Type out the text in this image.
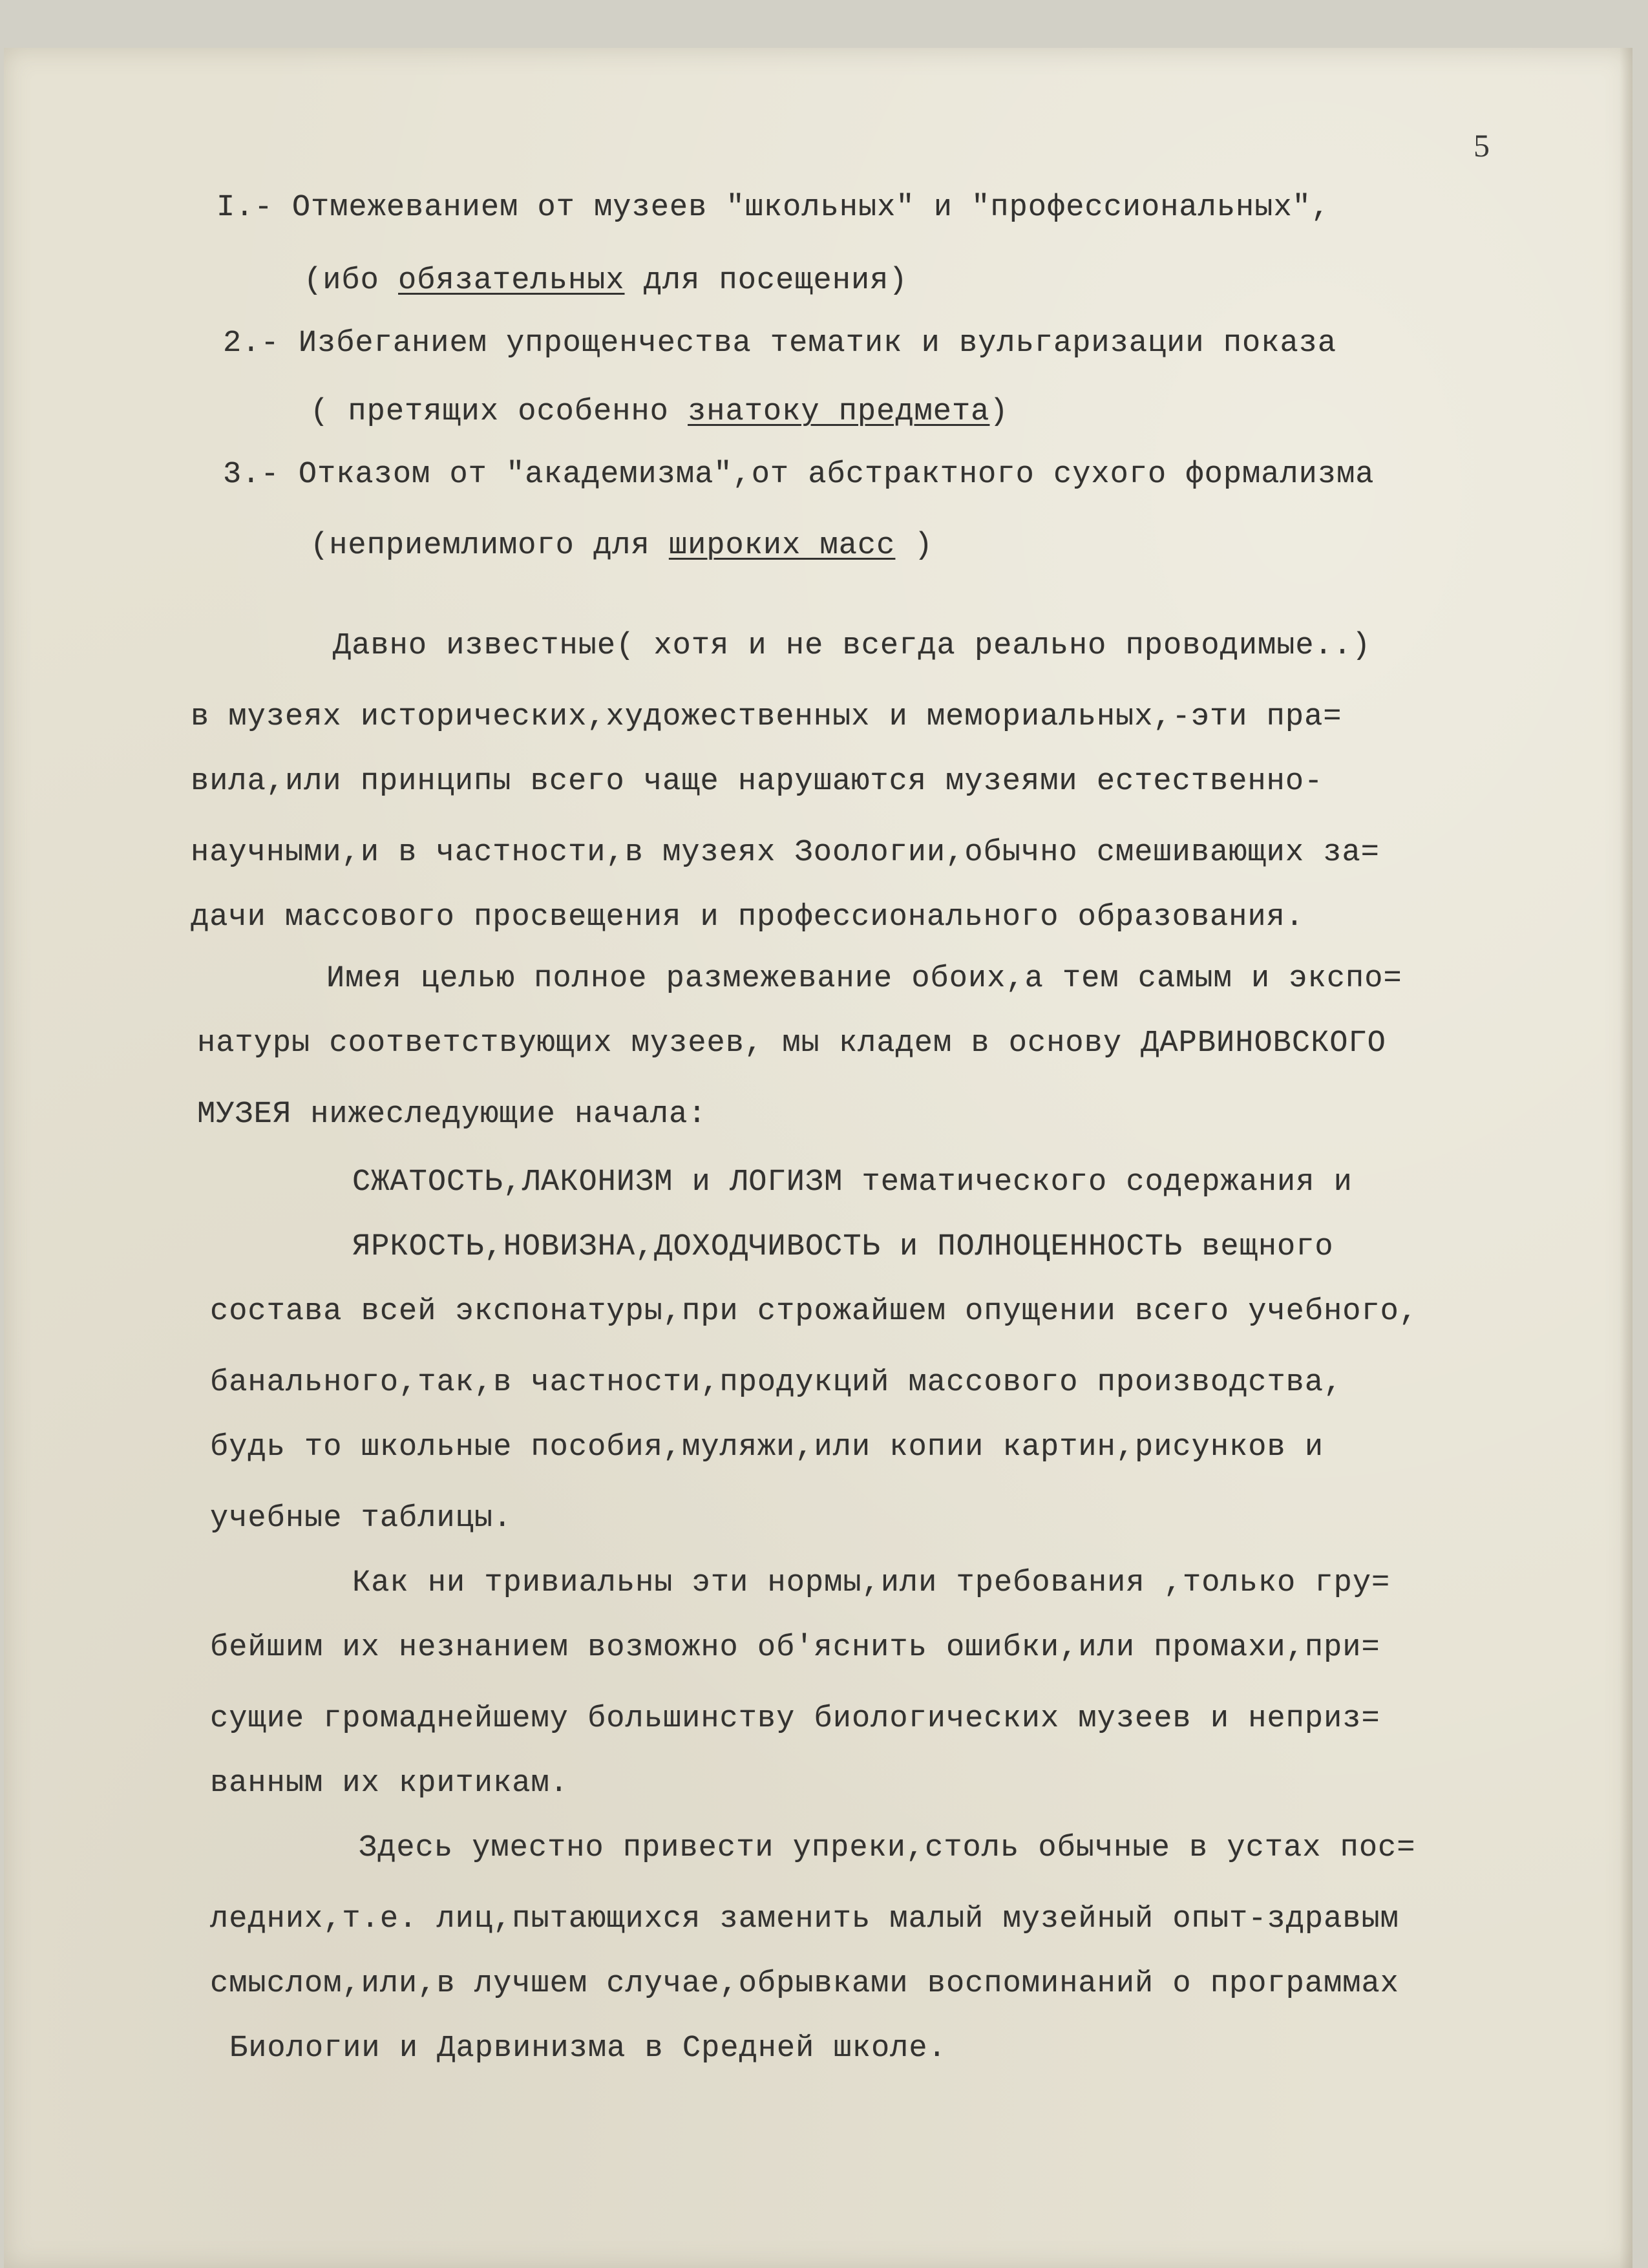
5
I.- Отмежеванием от музеев "школьных" и "профессиональных",
(ибо обязательных для посещения)
2.- Избеганием упрощенчества тематик и вульгаризации показа
( претящих особенно знатоку предмета)
3.- Отказом от "академизма",от абстрактного сухого формализма
(неприемлимого для широких масс )
Давно известные( хотя и не всегда реально проводимые..)
в музеях исторических,художественных и мемориальных,-эти пра=
вила,или принципы всего чаще нарушаются музеями естественно-
научными,и в частности,в музеях Зоологии,обычно смешивающих за=
дачи массового просвещения и профессионального образования.
Имея целью полное размежевание обоих,а тем самым и экспо=
натуры соответствующих музеев, мы кладем в основу ДАРВИНОВСКОГО
МУЗЕЯ нижеследующие начала:
СЖАТОСТЬ,ЛАКОНИЗМ и ЛОГИЗМ тематического содержания и
ЯРКОСТЬ,НОВИЗНА,ДОХОДЧИВОСТЬ и ПОЛНОЦЕННОСТЬ вещного
состава всей экспонатуры,при строжайшем опущении всего учебного,
банального,так,в частности,продукций массового производства,
будь то школьные пособия,муляжи,или копии картин,рисунков и
учебные таблицы.
Как ни тривиальны эти нормы,или требования ,только гру=
бейшим их незнанием возможно об'яснить ошибки,или промахи,при=
сущие громаднейшему большинству биологических музеев и неприз=
ванным их критикам.
Здесь уместно привести упреки,столь обычные в устах пос=
ледних,т.е. лиц,пытающихся заменить малый музейный опыт-здравым
смыслом,или,в лучшем случае,обрывками воспоминаний о программах
Биологии и Дарвинизма в Средней школе.
